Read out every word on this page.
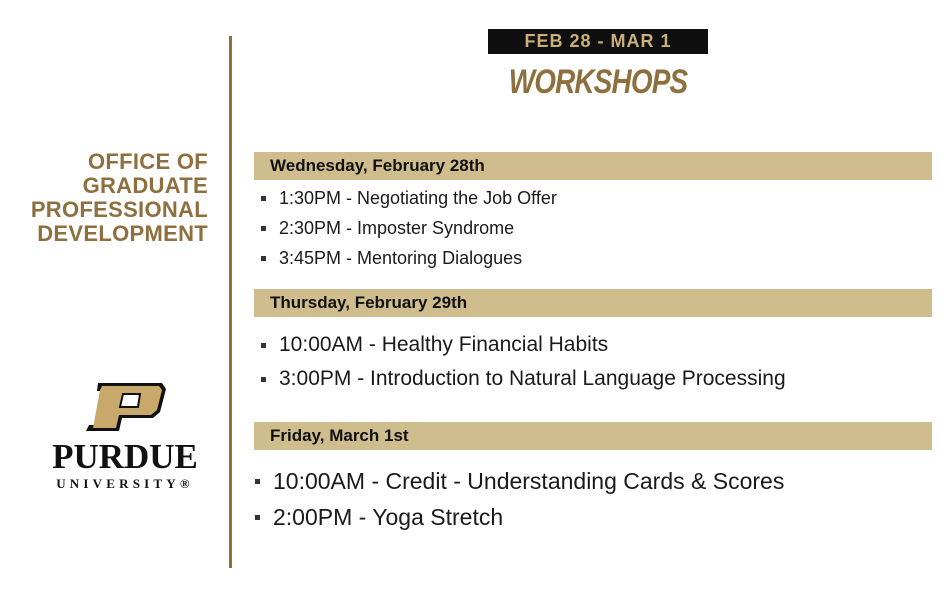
OFFICE OF
GRADUATE
PROFESSIONAL
DEVELOPMENT
PURDUE
UNIVERSITY®
FEB 28 - MAR 1
WORKSHOPS
Wednesday, February 28th
1:30PM - Negotiating the Job Offer
2:30PM - Imposter Syndrome
3:45PM - Mentoring Dialogues
Thursday, February 29th
10:00AM - Healthy Financial Habits
3:00PM - Introduction to Natural Language Processing
Friday, March 1st
10:00AM - Credit - Understanding Cards & Scores
2:00PM - Yoga Stretch
